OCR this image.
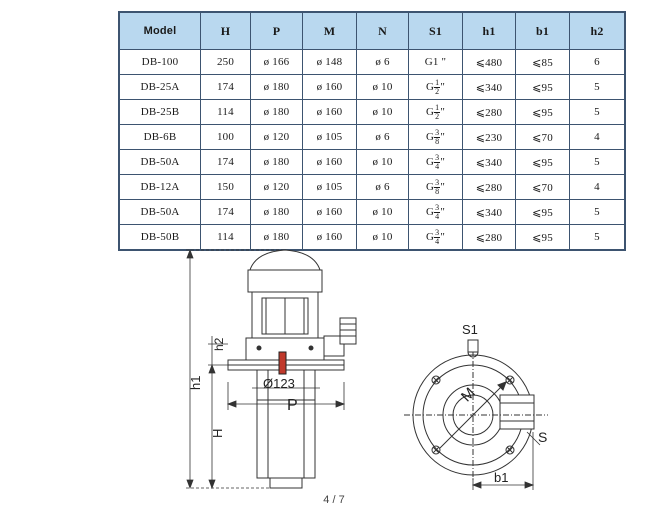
Model	H	P	M	N	S1	h1	b1	h2
DB-100	250	ø 166	ø 148	ø 6	G1 "	⩽480	⩽85	6
DB-25A	174	ø 180	ø 160	ø 10	G $\frac{1}{2}$ "	⩽340	⩽95	5
DB-25B	114	ø 180	ø 160	ø 10	G $\frac{1}{2}$ "	⩽280	⩽95	5
DB-6B	100	ø 120	ø 105	ø 6	G $\frac{3}{8}$ "	⩽230	⩽70	4
DB-50A	174	ø 180	ø 160	ø 10	G $\frac{3}{4}$ "	⩽340	⩽95	5
DB-12A	150	ø 120	ø 105	ø 6	G $\frac{3}{8}$ "	⩽280	⩽70	4
DB-50A	174	ø 180	ø 160	ø 10	G $\frac{3}{4}$ "	⩽340	⩽95	5
DB-50B	114	ø 180	ø 160	ø 10	G $\frac{3}{4}$ "	⩽280	⩽95	5
h2
h1
H
Ø123
P
S1
M
S
b1
4 / 7
